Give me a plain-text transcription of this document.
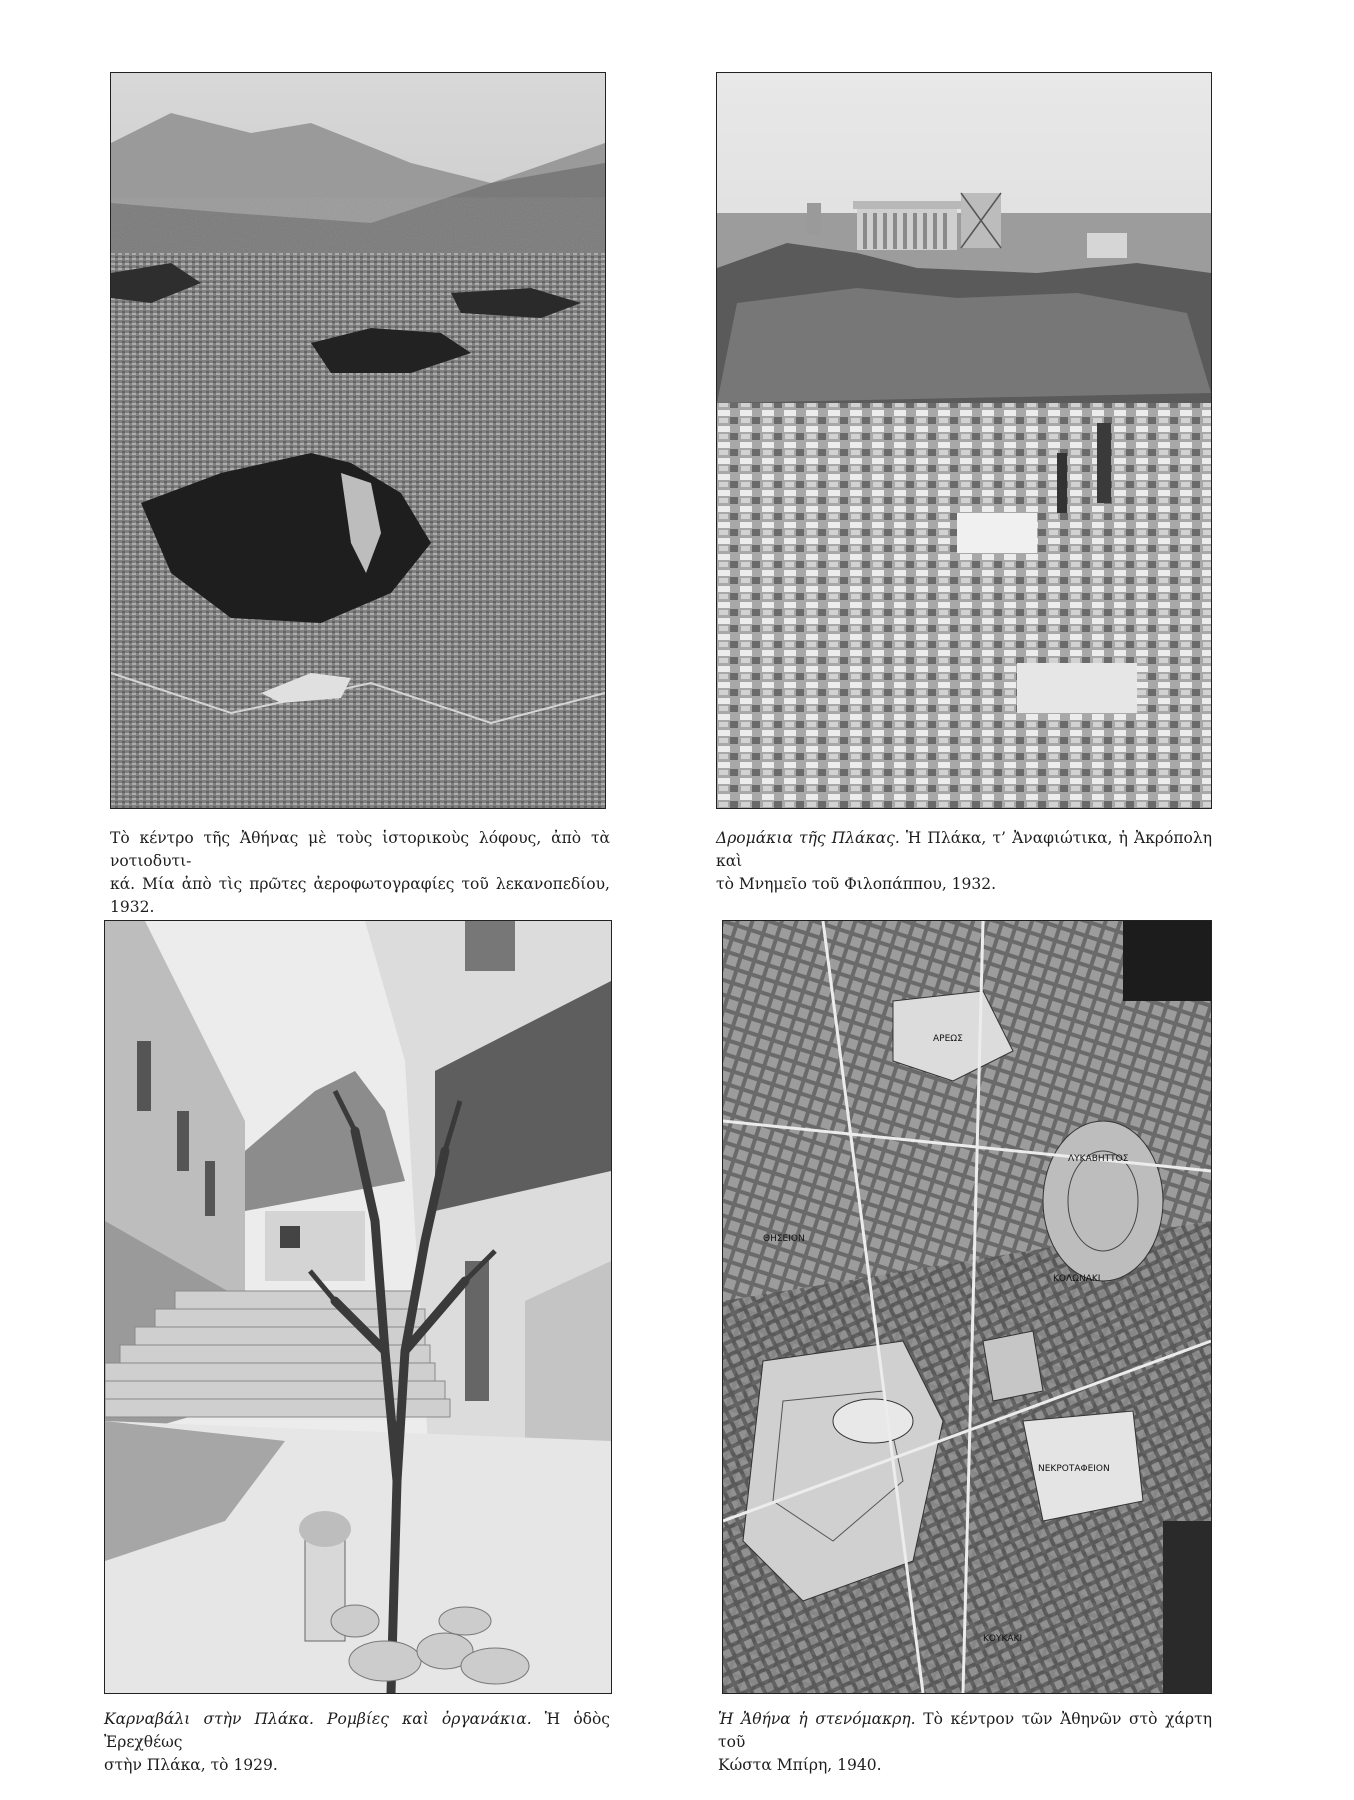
Τὸ κέντρο τῆς Ἀθήνας μὲ τοὺς ἱστορικοὺς λόφους, ἀπὸ τὰ νοτιοδυτι-
κά. Μία ἀπὸ τὶς πρῶτες ἀεροφωτογραφίες τοῦ λεκανοπεδίου, 1932.

Δρομάκια τῆς Πλάκας. Ἡ Πλάκα, τ’ Ἀναφιώτικα, ἡ Ἀκρόπολη καὶ
τὸ Μνημεῖο τοῦ Φιλοπάππου, 1932.

Καρναβάλι στὴν Πλάκα. Ρομβίες καὶ ὀργανάκια. Ἡ ὁδὸς Ἐρεχθέως
στὴν Πλάκα, τὸ 1929.

ΑΡΕΩΣ
ΛΥΚΑΒΗΤΤΟΣ
ΚΟΛΩΝΑΚΙ
ΘΗΣΕΙΟΝ
ΝΕΚΡΟΤΑΦΕΙΟΝ
ΚΟΥΚΑΚΙ

Ἡ Ἀθήνα ἡ στενόμακρη. Τὸ κέντρον τῶν Ἀθηνῶν στὸ χάρτη τοῦ
Κώστα Μπίρη, 1940.
